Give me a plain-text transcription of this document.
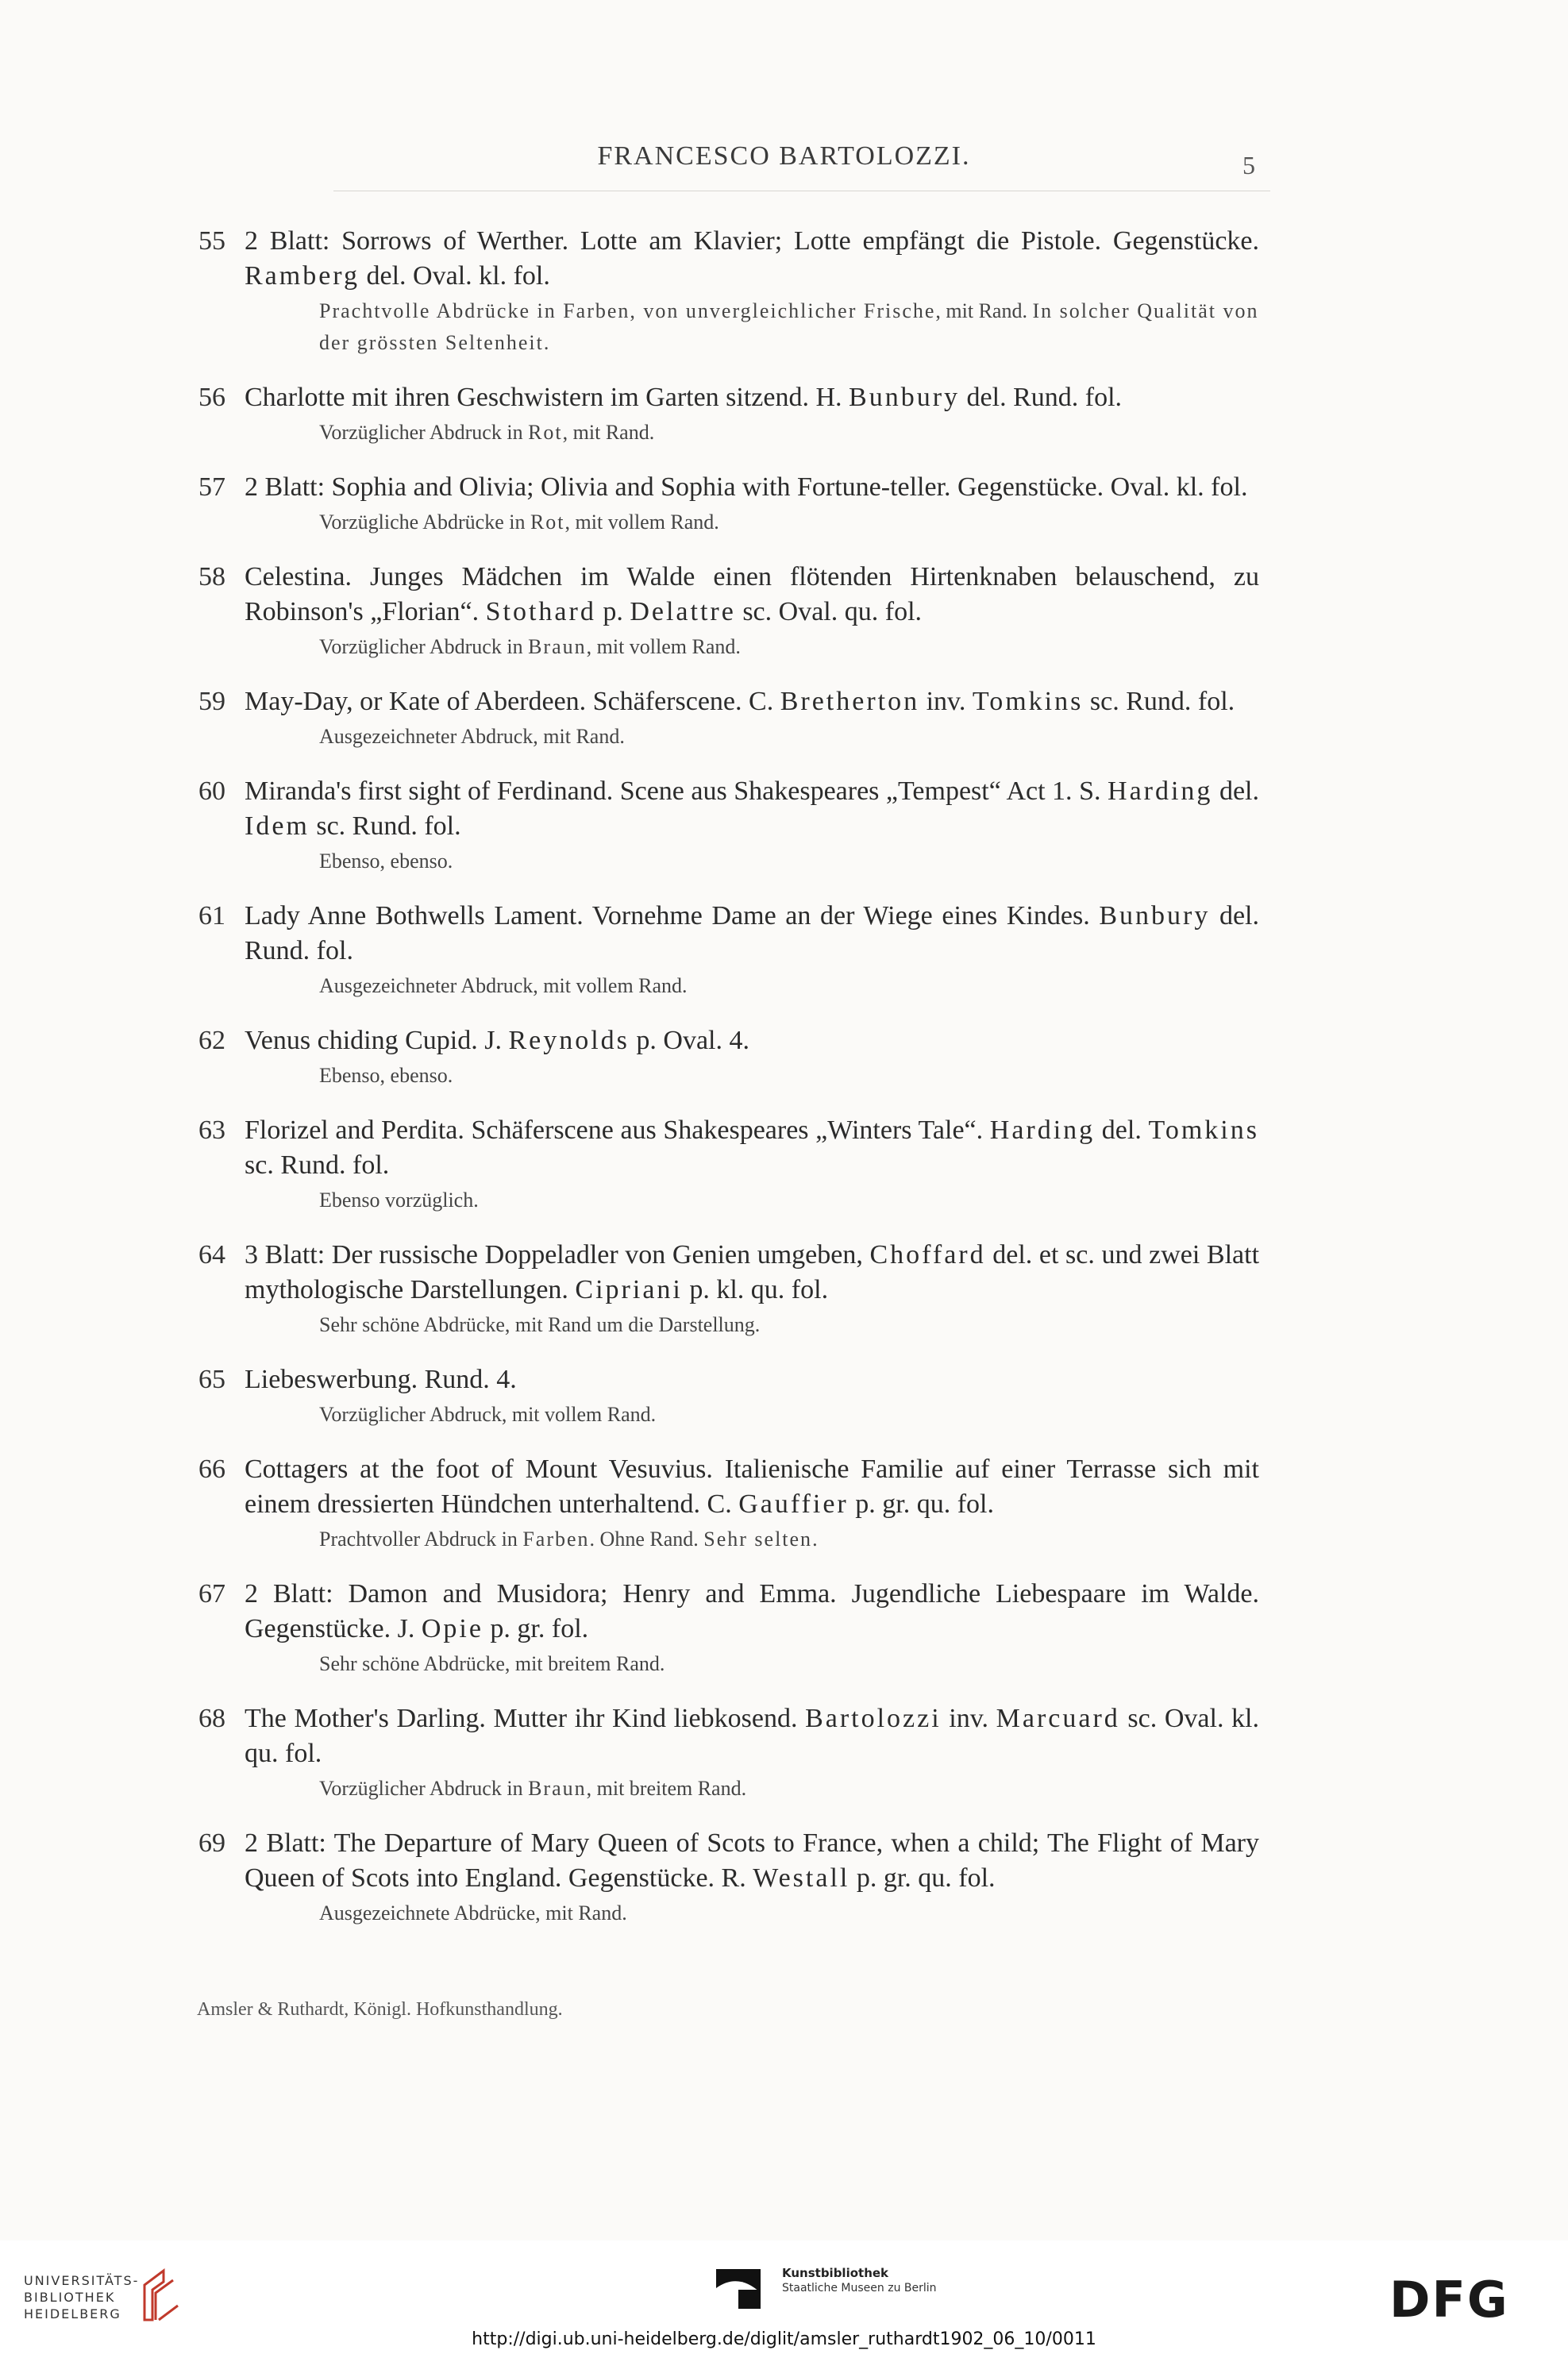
FRANCESCO BARTOLOZZI.	5
55 2 Blatt: Sorrows of Werther. Lotte am Klavier; Lotte empfängt die Pistole. Gegenstücke. Ramberg del. Oval. kl. fol.
Prachtvolle Abdrücke in Farben, von unvergleichlicher Frische, mit Rand. In solcher Qualität von der grössten Seltenheit.
56 Charlotte mit ihren Geschwistern im Garten sitzend. H. Bunbury del. Rund. fol.
Vorzüglicher Abdruck in Rot, mit Rand.
57 2 Blatt: Sophia and Olivia; Olivia and Sophia with Fortune-teller. Gegenstücke. Oval. kl. fol.
Vorzügliche Abdrücke in Rot, mit vollem Rand.
58 Celestina. Junges Mädchen im Walde einen flötenden Hirtenknaben belauschend, zu Robinson's „Florian“. Stothard p. Delattre sc. Oval. qu. fol.
Vorzüglicher Abdruck in Braun, mit vollem Rand.
59 May-Day, or Kate of Aberdeen. Schäferscene. C. Bretherton inv. Tomkins sc. Rund. fol.
Ausgezeichneter Abdruck, mit Rand.
60 Miranda's first sight of Ferdinand. Scene aus Shakespeares „Tempest“ Act 1. S. Harding del. Idem sc. Rund. fol.
Ebenso, ebenso.
61 Lady Anne Bothwells Lament. Vornehme Dame an der Wiege eines Kindes. Bunbury del. Rund. fol.
Ausgezeichneter Abdruck, mit vollem Rand.
62 Venus chiding Cupid. J. Reynolds p. Oval. 4.
Ebenso, ebenso.
63 Florizel and Perdita. Schäferscene aus Shakespeares „Winters Tale“. Harding del. Tomkins sc. Rund. fol.
Ebenso vorzüglich.
64 3 Blatt: Der russische Doppeladler von Genien umgeben, Choffard del. et sc. und zwei Blatt mythologische Darstellungen. Cipriani p. kl. qu. fol.
Sehr schöne Abdrücke, mit Rand um die Darstellung.
65 Liebeswerbung. Rund. 4.
Vorzüglicher Abdruck, mit vollem Rand.
66 Cottagers at the foot of Mount Vesuvius. Italienische Familie auf einer Terrasse sich mit einem dressierten Hündchen unterhaltend. C. Gauffier p. gr. qu. fol.
Prachtvoller Abdruck in Farben. Ohne Rand. Sehr selten.
67 2 Blatt: Damon and Musidora; Henry and Emma. Jugendliche Liebespaare im Walde. Gegenstücke. J. Opie p. gr. fol.
Sehr schöne Abdrücke, mit breitem Rand.
68 The Mother's Darling. Mutter ihr Kind liebkosend. Bartolozzi inv. Marcuard sc. Oval. kl. qu. fol.
Vorzüglicher Abdruck in Braun, mit breitem Rand.
69 2 Blatt: The Departure of Mary Queen of Scots to France, when a child; The Flight of Mary Queen of Scots into England. Gegenstücke. R. Westall p. gr. qu. fol.
Ausgezeichnete Abdrücke, mit Rand.
Amsler & Ruthardt, Königl. Hofkunsthandlung.
UNIVERSITÄTS-
BIBLIOTHEK
HEIDELBERG
Kunstbibliothek
Staatliche Museen zu Berlin	DFG
http://digi.ub.uni-heidelberg.de/diglit/amsler_ruthardt1902_06_10/0011
